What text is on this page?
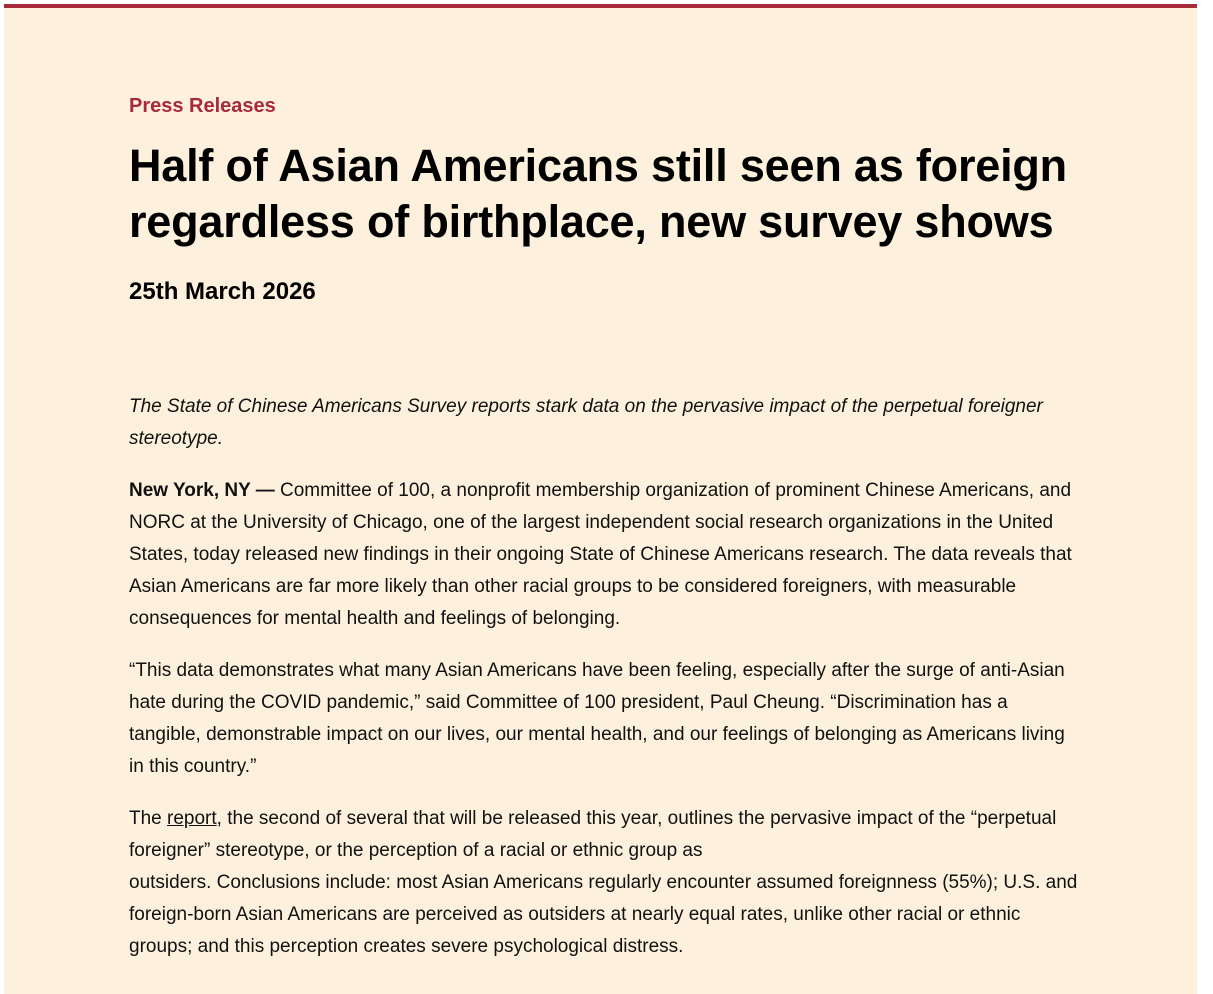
Press Releases
Half of Asian Americans still seen as foreign regardless of birthplace, new survey shows
25th March 2026

The State of Chinese Americans Survey reports stark data on the pervasive impact of the perpetual foreigner stereotype.

New York, NY — Committee of 100, a nonprofit membership organization of prominent Chinese Americans, and NORC at the University of Chicago, one of the largest independent social research organizations in the United States, today released new findings in their ongoing State of Chinese Americans research. The data reveals that Asian Americans are far more likely than other racial groups to be considered foreigners, with measurable consequences for mental health and feelings of belonging.

“This data demonstrates what many Asian Americans have been feeling, especially after the surge of anti-Asian hate during the COVID pandemic,” said Committee of 100 president, Paul Cheung. “Discrimination has a tangible, demonstrable impact on our lives, our mental health, and our feelings of belonging as Americans living in this country.”

The report, the second of several that will be released this year, outlines the pervasive impact of the “perpetual foreigner” stereotype, or the perception of a racial or ethnic group as
outsiders. Conclusions include: most Asian Americans regularly encounter assumed foreignness (55%); U.S. and foreign-born Asian Americans are perceived as outsiders at nearly equal rates, unlike other racial or ethnic groups; and this perception creates severe psychological distress.
